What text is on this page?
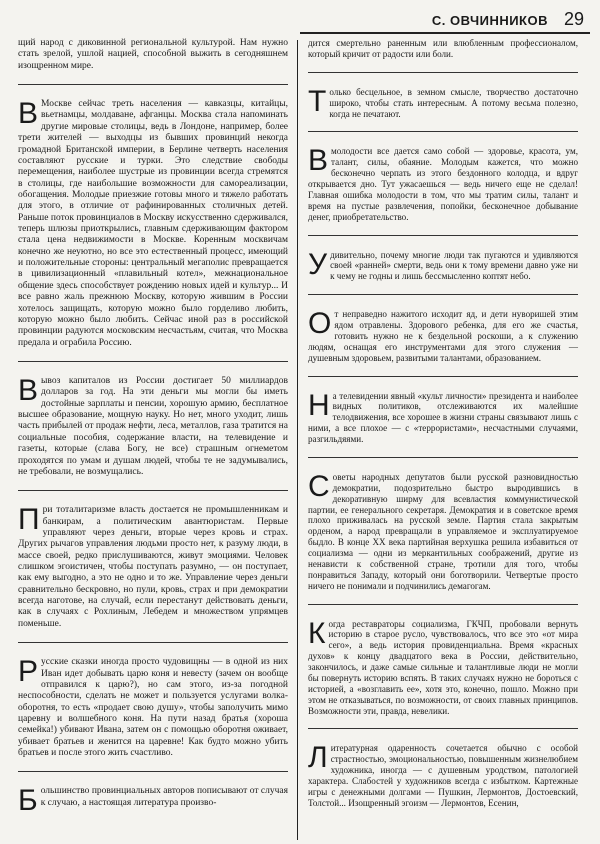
С. ОВЧИННИКОВ 29

щий народ с диковинной региональной культурой. Нам нужно стать зрелой, ушлой нацией, способной выжить в сегодняшнем изощренном мире.

В Москве сейчас треть населения — кавказцы, китайцы, вьетнамцы, молдаване, афганцы. Москва стала напоминать другие мировые столицы, ведь в Лондоне, например, более трети жителей — выходцы из бывших провинций некогда громадной Британской империи, в Берлине четверть населения составляют русские и турки. Это следствие свободы перемещения, наиболее шустрые из провинции всегда стремятся в столицы, где наибольшие возможности для самореализации, обогащения. Молодые приезжие готовы много и тяжело работать для этого, в отличие от рафинированных столичных детей. Раньше поток провинциалов в Москву искусственно сдерживался, теперь шлюзы приоткрылись, главным сдерживающим фактором стала цена недвижимости в Москве. Коренным москвичам конечно же неуютно, но все это естественный процесс, имеющий и положительные стороны: центральный мегаполис превращается в цивилизационный «плавильный котел», межнациональное общение здесь способствует рождению новых идей и культур... И все равно жаль прежнюю Москву, которую жившим в России хотелось защищать, которую можно было горделиво любить, которую можно было любить. Сейчас иной раз в российской провинции радуются московским несчастьям, считая, что Москва предала и ограбила Россию.

Вывоз капиталов из России достигает 50 миллиардов долларов за год. На эти деньги мы могли бы иметь достойные зарплаты и пенсии, хорошую армию, бесплатное высшее образование, мощную науку. Но нет, много уходит, лишь часть прибылей от продаж нефти, леса, металлов, газа тратится на социальные пособия, содержание власти, на телевидение и газеты, которые (слава Богу, не все) страшным огнеметом проходятся по умам и душам людей, чтобы те не задумывались, не требовали, не возмущались.

При тоталитаризме власть достается не промышленникам и банкирам, а политическим авантюристам. Первые управляют через деньги, вторые через кровь и страх. Других рычагов управления людьми просто нет, к разуму люди, в массе своей, редко прислушиваются, живут эмоциями. Человек слишком эгоистичен, чтобы поступать разумно, — он поступает, как ему выгодно, а это не одно и то же. Управление через деньги сравнительно бескровно, но пули, кровь, страх и при демократии всегда наготове, на случай, если перестанут действовать деньги, как в случаях с Рохлиным, Лебедем и множеством упрямцев поменьше.

Русские сказки иногда просто чудовищны — в одной из них Иван идет добывать царю коня и невесту (зачем он вообще отправился к царю?), но сам этого, из-за погодной неспособности, сделать не может и пользуется услугами волка-оборотня, то есть «продает свою душу», чтобы заполучить мимо царевну и волшебного коня. На пути назад братья (хороша семейка!) убивают Ивана, затем он с помощью оборотня оживает, убивает братьев и женится на царевне! Как будто можно убить братьев и после этого жить счастливо.

Большинство провинциальных авторов пописывают от случая к случаю, а настоящая литература произво-

дится смертельно раненным или влюбленным профессионалом, который кричит от радости или боли.

Только бесцельное, в земном смысле, творчество достаточно широко, чтобы стать интересным. А потому весьма полезно, когда не печатают.

Вмолодости все дается само собой — здоровье, красота, ум, талант, силы, обаяние. Молодым кажется, что можно бесконечно черпать из этого бездонного колодца, и вдруг открывается дно. Тут ужасаешься — ведь ничего еще не сделал! Главная ошибка молодости в том, что мы тратим силы, талант и время на пустые развлечения, попойки, бесконечное добывание денег, приобретательство.

Удивительно, почему многие люди так пугаются и удивляются своей «ранней» смерти, ведь они к тому времени давно уже ни к чему не годны и лишь бессмысленно коптят небо.

От неправедно нажитого исходит яд, и дети нуворишей этим ядом отравлены. Здорового ребенка, для его же счастья, готовить нужно не к бездельной роскоши, а к служению людям, оснащая его инструментами для этого служения — душевным здоровьем, развитыми талантами, образованием.

На телевидении явный «культ личности» президента и наиболее видных политиков, отслеживаются их малейшие телодвижения, все хорошее в жизни страны связывают лишь с ними, а все плохое — с «террористами», несчастными случаями, разгильдяями.

Советы народных депутатов были русской разновидностью демократии, подозрительно быстро выродившись в декоративную ширму для всевластия коммунистической партии, ее генерального секретаря. Демократия и в советское время плохо приживалась на русской земле. Партия стала закрытым орденом, а народ превращали в управляемое и эксплуатируемое быдло. В конце XX века партийная верхушка решила избавиться от социализма — одни из меркантильных соображений, другие из ненависти к собственной стране, тротили для того, чтобы понравиться Западу, который они боготворили. Четвертые просто ничего не понимали и подчинились демагогам.

Когда реставраторы социализма, ГКЧП, пробовали вернуть историю в старое русло, чувствовалось, что все это «от мира сего», а ведь история провиденциальна. Время «красных духов» к концу двадцатого века в России, действительно, закончилось, и даже самые сильные и талантливые люди не могли бы повернуть историю вспять. В таких случаях нужно не бороться с историей, а «возглавить ее», хотя это, конечно, пошло. Можно при этом не отказываться, по возможности, от своих главных принципов. Возможности эти, правда, невелики.

Литературная одаренность сочетается обычно с особой страстностью, эмоциональностью, повышенным жизнелюбием художника, иногда — с душевным уродством, патологией характера. Слабостей у художников всегда с избытком. Картежные игры с денежными долгами — Пушкин, Лермонтов, Достоевский, Толстой... Изощренный эгоизм — Лермонтов, Есенин,
